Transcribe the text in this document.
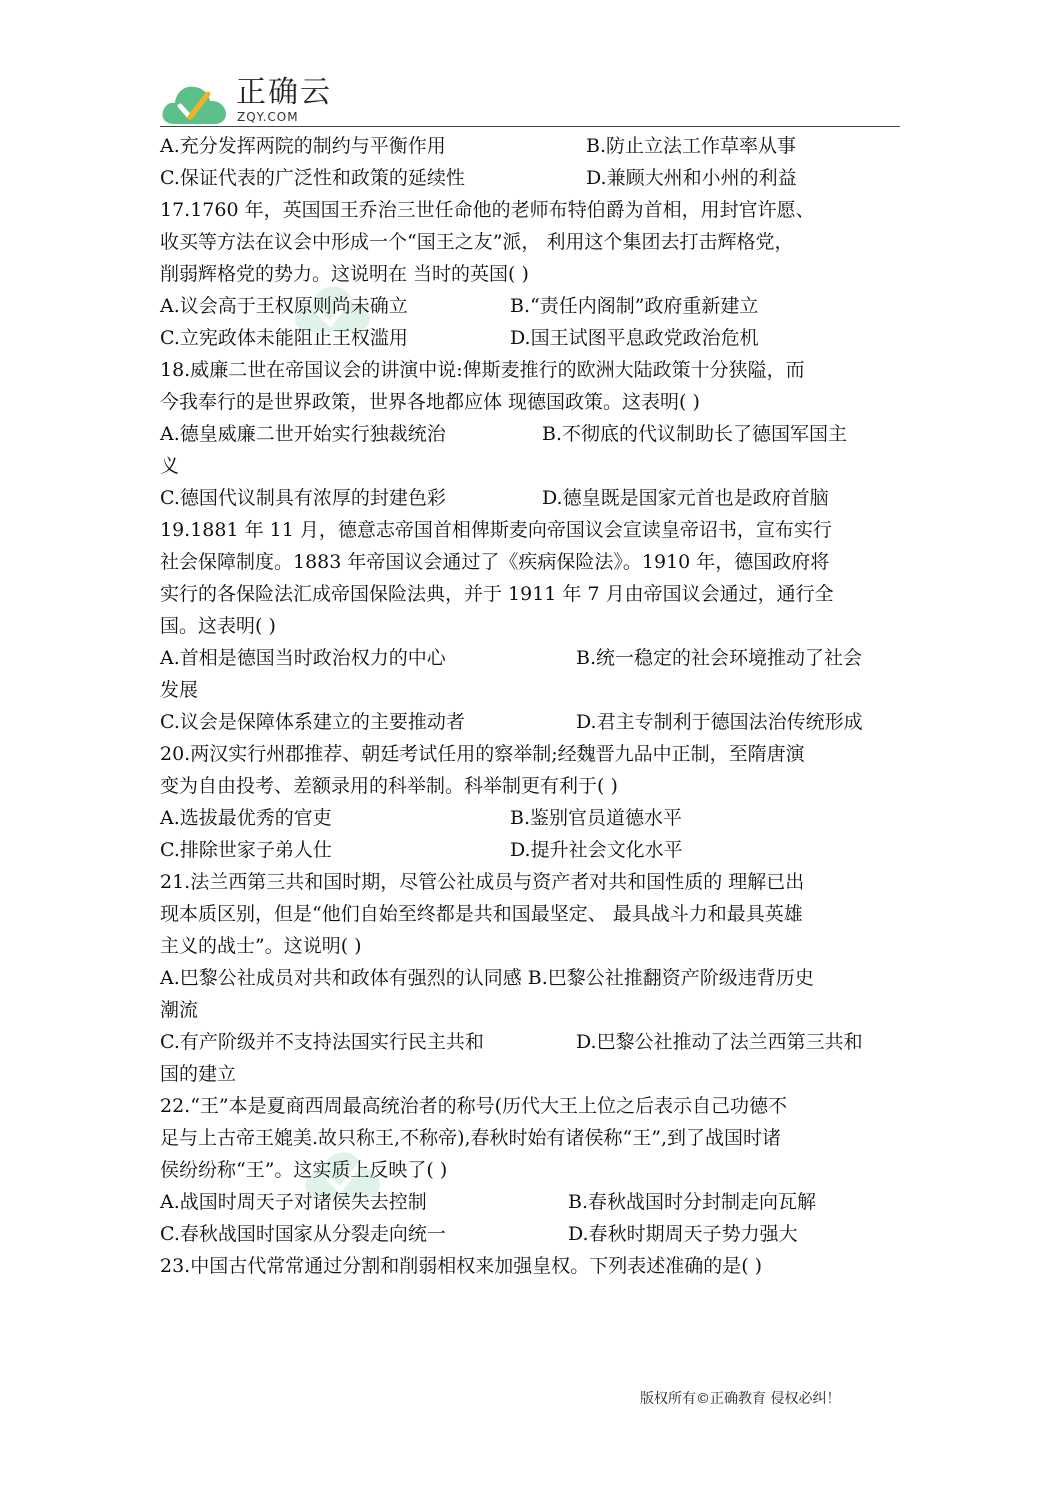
正确云
ZQY.COM
A.充分发挥两院的制约与平衡作用	B.防止立法工作草率从事
C.保证代表的广泛性和政策的延续性	D.兼顾大州和小州的利益
17.1760 年，英国国王乔治三世任命他的老师布特伯爵为首相，用封官许愿、
收买等方法在议会中形成一个“国王之友”派， 利用这个集团去打击辉格党，
削弱辉格党的势力。这说明在 当时的英国( )
A.议会高于王权原则尚未确立	B.“责任内阁制”政府重新建立
C.立宪政体未能阻止王权滥用	D.国王试图平息政党政治危机
18.威廉二世在帝国议会的讲演中说:俾斯麦推行的欧洲大陆政策十分狭隘，而
今我奉行的是世界政策，世界各地都应体 现德国政策。这表明( )
A.德皇威廉二世开始实行独裁统治	B.不彻底的代议制助长了德国军国主
义
C.德国代议制具有浓厚的封建色彩	D.德皇既是国家元首也是政府首脑
19.1881 年 11 月，德意志帝国首相俾斯麦向帝国议会宣读皇帝诏书，宣布实行
社会保障制度。1883 年帝国议会通过了《疾病保险法》。1910 年，德国政府将
实行的各保险法汇成帝国保险法典，并于 1911 年 7 月由帝国议会通过，通行全
国。这表明( )
A.首相是德国当时政治权力的中心	B.统一稳定的社会环境推动了社会
发展
C.议会是保障体系建立的主要推动者	D.君主专制利于德国法治传统形成
20.两汉实行州郡推荐、朝廷考试任用的察举制;经魏晋九品中正制，至隋唐演
变为自由投考、差额录用的科举制。科举制更有利于( )
A.选拔最优秀的官吏	B.鉴别官员道德水平
C.排除世家子弟人仕	D.提升社会文化水平
21.法兰西第三共和国时期，尽管公社成员与资产者对共和国性质的 理解已出
现本质区别，但是“他们自始至终都是共和国最坚定、 最具战斗力和最具英雄
主义的战士”。这说明( )
A.巴黎公社成员对共和政体有强烈的认同感 B.巴黎公社推翻资产阶级违背历史
潮流
C.有产阶级并不支持法国实行民主共和	D.巴黎公社推动了法兰西第三共和
国的建立
22.“王”本是夏商西周最高统治者的称号(历代大王上位之后表示自己功德不
足与上古帝王媲美.故只称王,不称帝),春秋时始有诸侯称“王”,到了战国时诸
侯纷纷称“王”。这实质上反映了( )
A.战国时周天子对诸侯失去控制	B.春秋战国时分封制走向瓦解
C.春秋战国时国家从分裂走向统一	D.春秋时期周天子势力强大
23.中国古代常常通过分割和削弱相权来加强皇权。下列表述准确的是( )
版权所有©正确教育 侵权必纠！
